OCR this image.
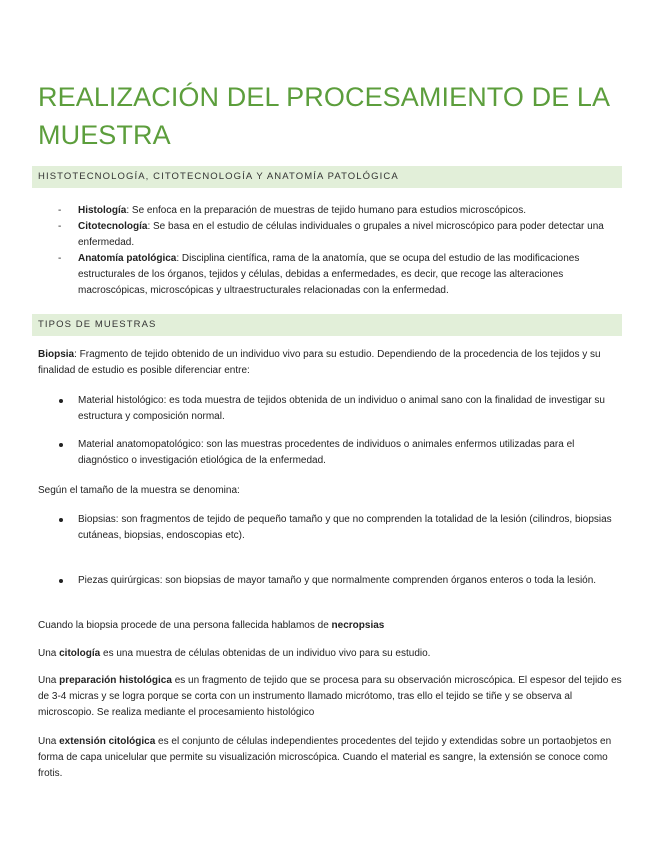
REALIZACIÓN DEL PROCESAMIENTO DE LA MUESTRA
HISTOTECNOLOGÍA, CITOTECNOLOGÍA Y ANATOMÍA PATOLÓGICA
- Histología: Se enfoca en la preparación de muestras de tejido humano para estudios microscópicos.
- Citotecnología: Se basa en el estudio de células individuales o grupales a nivel microscópico para poder detectar una enfermedad.
- Anatomía patológica: Disciplina científica, rama de la anatomía, que se ocupa del estudio de las modificaciones estructurales de los órganos, tejidos y células, debidas a enfermedades, es decir, que recoge las alteraciones macroscópicas, microscópicas y ultraestructurales relacionadas con la enfermedad.
TIPOS DE MUESTRAS

Biopsia: Fragmento de tejido obtenido de un individuo vivo para su estudio. Dependiendo de la procedencia de los tejidos y su finalidad de estudio es posible diferenciar entre:

Material histológico: es toda muestra de tejidos obtenida de un individuo o animal sano con la finalidad de investigar su estructura y composición normal.
Material anatomopatológico: son las muestras procedentes de individuos o animales enfermos utilizadas para el diagnóstico o investigación etiológica de la enfermedad.

Según el tamaño de la muestra se denomina:

Biopsias: son fragmentos de tejido de pequeño tamaño y que no comprenden la totalidad de la lesión (cilindros, biopsias
cutáneas, biopsias, endoscopias etc).
Piezas quirúrgicas: son biopsias de mayor tamaño y que normalmente comprenden órganos enteros o toda la lesión.

Cuando la biopsia procede de una persona fallecida hablamos de necropsias

Una citología es una muestra de células obtenidas de un individuo vivo para su estudio.

Una preparación histológica es un fragmento de tejido que se procesa para su observación microscópica. El espesor del tejido es de 3-4 micras y se logra porque se corta con un instrumento llamado micrótomo, tras ello el tejido se tiñe y se observa al microscopio. Se realiza mediante el procesamiento histológico

Una extensión citológica es el conjunto de células independientes procedentes del tejido y extendidas sobre un portaobjetos en forma de capa unicelular que permite su visualización microscópica. Cuando el material es sangre, la extensión se conoce como frotis.
